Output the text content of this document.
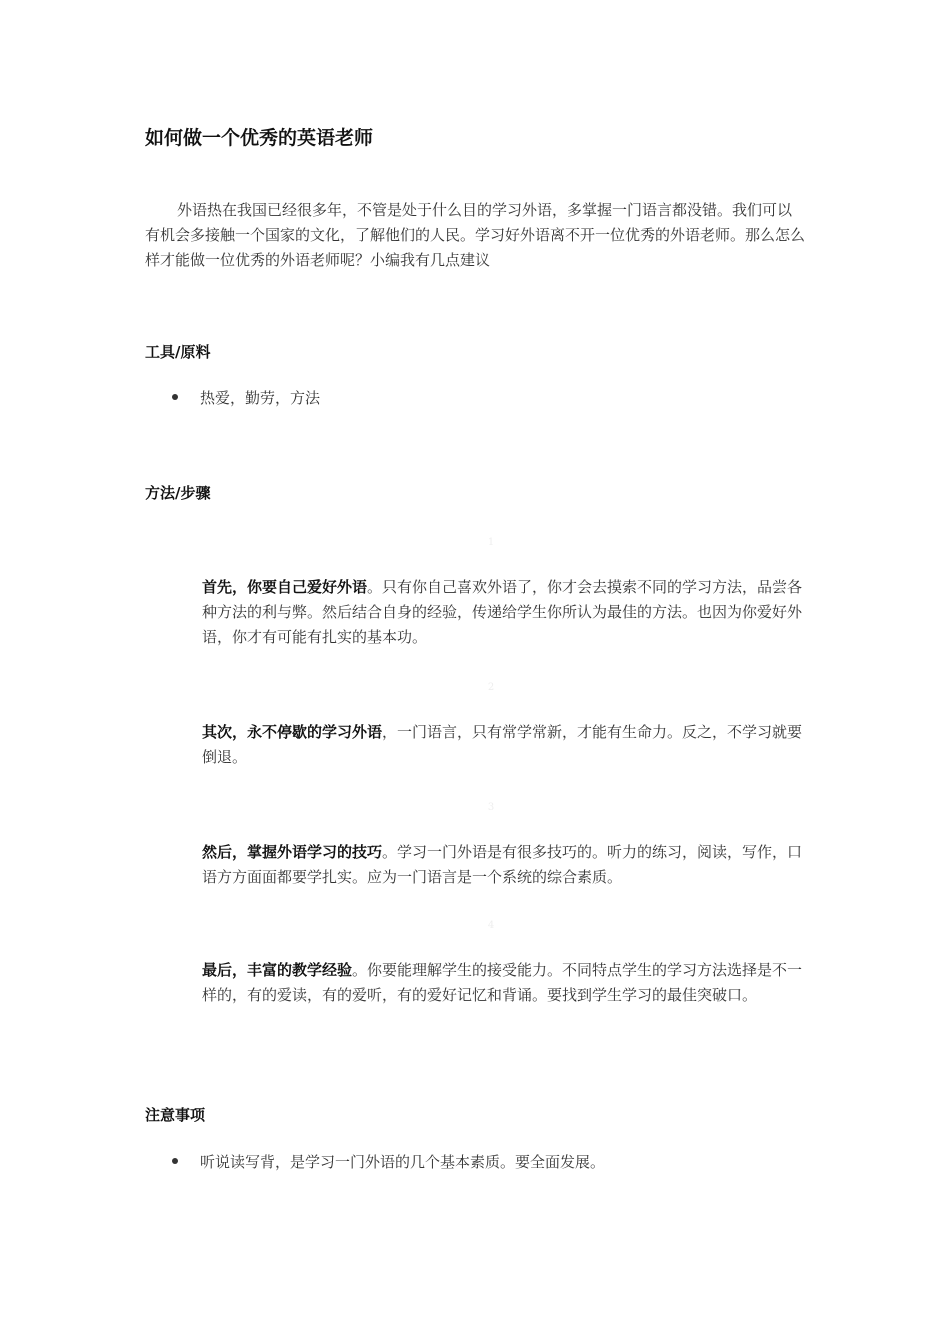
如何做一个优秀的英语老师

外语热在我国已经很多年，不管是处于什么目的学习外语，多掌握一门语言都没错。我们可以有机会多接触一个国家的文化，了解他们的人民。学习好外语离不开一位优秀的外语老师。那么怎么样才能做一位优秀的外语老师呢？小编我有几点建议

工具/原料
热爱，勤劳，方法
方法/步骤
1

首先，你要自己爱好外语。只有你自己喜欢外语了，你才会去摸索不同的学习方法，品尝各种方法的利与弊。然后结合自身的经验，传递给学生你所认为最佳的方法。也因为你爱好外语，你才有可能有扎实的基本功。

2

其次，永不停歇的学习外语，一门语言，只有常学常新，才能有生命力。反之，不学习就要倒退。

3

然后，掌握外语学习的技巧。学习一门外语是有很多技巧的。听力的练习，阅读，写作，口语方方面面都要学扎实。应为一门语言是一个系统的综合素质。

4

最后，丰富的教学经验。你要能理解学生的接受能力。不同特点学生的学习方法选择是不一样的，有的爱读，有的爱听，有的爱好记忆和背诵。要找到学生学习的最佳突破口。

注意事项
听说读写背，是学习一门外语的几个基本素质。要全面发展。
